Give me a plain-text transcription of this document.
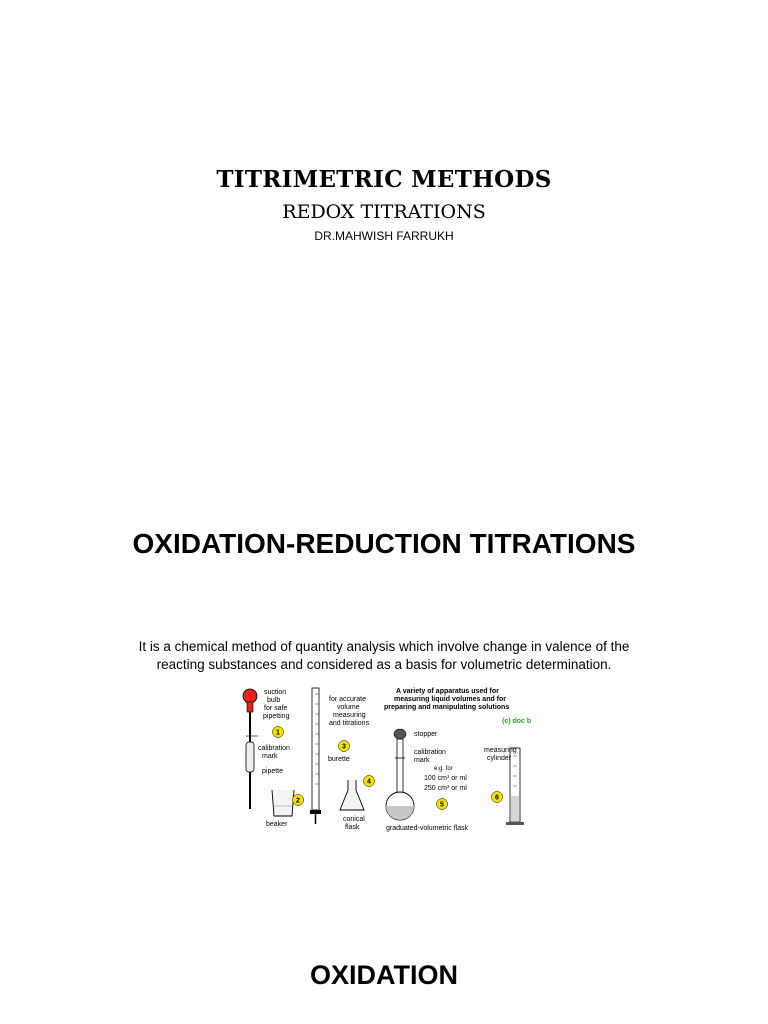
TITRIMETRIC METHODS
REDOX TITRATIONS
DR.MAHWISH FARRUKH
OXIDATION-REDUCTION TITRATIONS
It is a chemical method of quantity analysis which involve change in valence of the
reacting substances and considered as a basis for volumetric determination.
1
2
3
4
5
6
suction
bulb
for safe
pipetting
calibration
mark
pipette
beaker
for accurate
volume
measuring
and titrations
burette
conical
flask
A variety of apparatus used for
measuring liquid volumes and for
preparing and manipulating solutions
(c) doc b
stopper
calibration
mark
e.g. for
100 cm³ or ml
250 cm³ or ml
graduated-volumetric flask
measuring
cylinder
OXIDATION
